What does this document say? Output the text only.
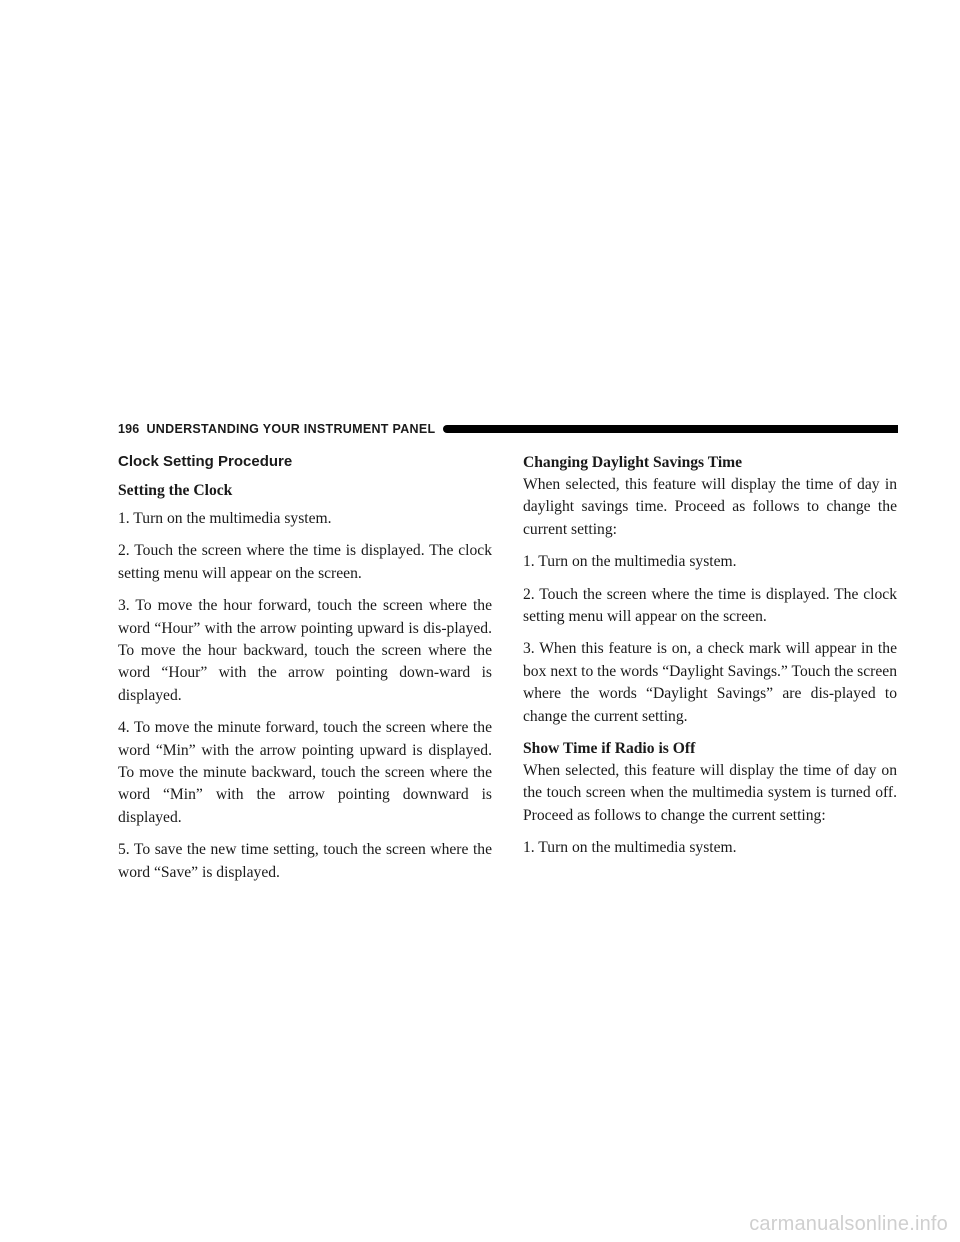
196 UNDERSTANDING YOUR INSTRUMENT PANEL
Clock Setting Procedure
Setting the Clock

1. Turn on the multimedia system.

2. Touch the screen where the time is displayed. The clock setting menu will appear on the screen.

3. To move the hour forward, touch the screen where the word “Hour” with the arrow pointing upward is dis-played. To move the hour backward, touch the screen where the word “Hour” with the arrow pointing down-ward is displayed.

4. To move the minute forward, touch the screen where the word “Min” with the arrow pointing upward is displayed. To move the minute backward, touch the screen where the word “Min” with the arrow pointing downward is displayed.

5. To save the new time setting, touch the screen where the word “Save” is displayed.

Changing Daylight Savings Time

When selected, this feature will display the time of day in daylight savings time. Proceed as follows to change the current setting:

1. Turn on the multimedia system.

2. Touch the screen where the time is displayed. The clock setting menu will appear on the screen.

3. When this feature is on, a check mark will appear in the box next to the words “Daylight Savings.” Touch the screen where the words “Daylight Savings” are dis-played to change the current setting.

Show Time if Radio is Off

When selected, this feature will display the time of day on the touch screen when the multimedia system is turned off. Proceed as follows to change the current setting:

1. Turn on the multimedia system.

carmanualsonline.info
